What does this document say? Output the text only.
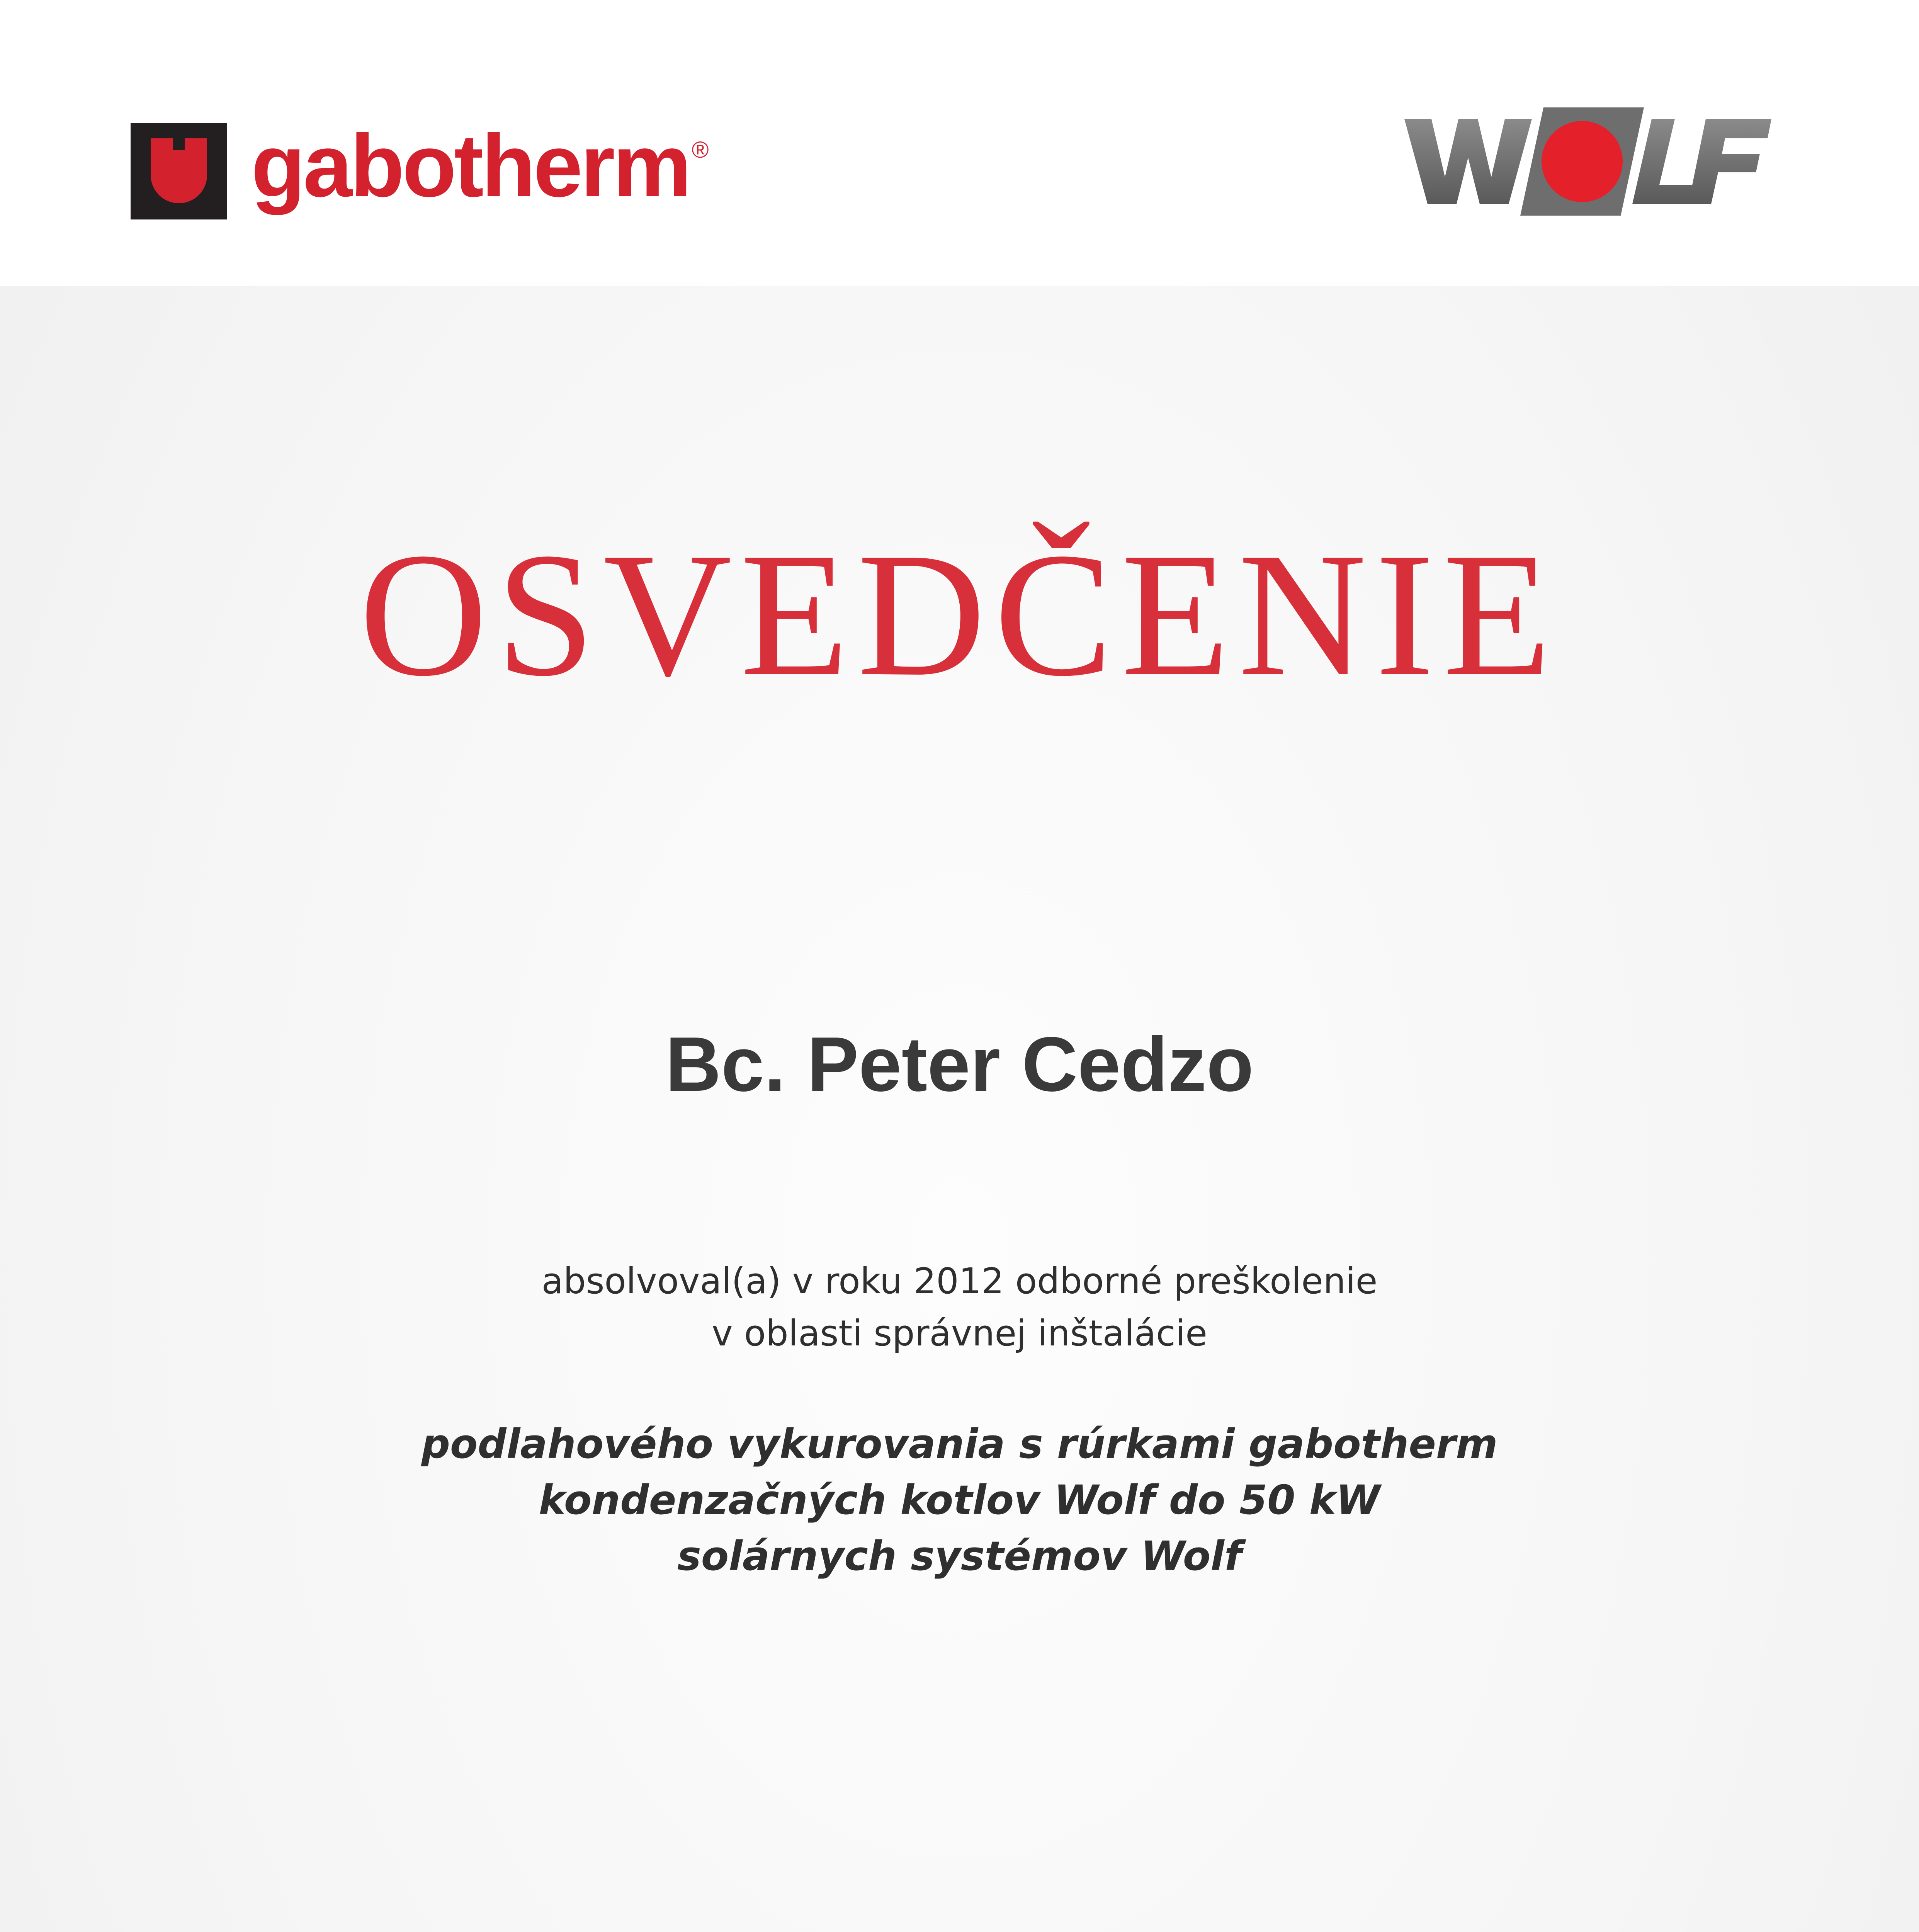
gabotherm ®
OSVEDČENIE
Bc. Peter Cedzo
absolvoval(a) v roku 2012 odborné preškolenie
v oblasti správnej inštalácie
podlahového vykurovania s rúrkami gabotherm
kondenzačných kotlov Wolf do 50 kW
solárnych systémov Wolf
